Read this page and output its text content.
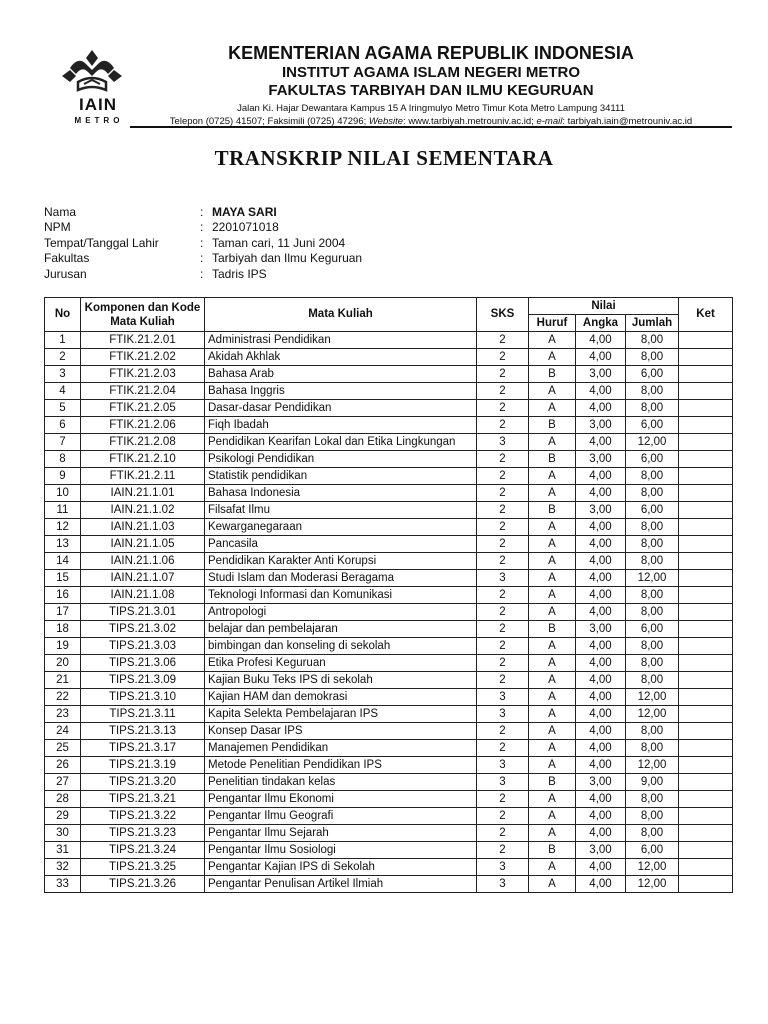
IAIN
METRO
KEMENTERIAN AGAMA REPUBLIK INDONESIA
INSTITUT AGAMA ISLAM NEGERI METRO
FAKULTAS TARBIYAH DAN ILMU KEGURUAN
Jalan Ki. Hajar Dewantara Kampus 15 A Iringmulyo Metro Timur Kota Metro Lampung 34111
Telepon (0725) 41507; Faksimili (0725) 47296; Website: www.tarbiyah.metrouniv.ac.id; e-mail: tarbiyah.iain@metrouniv.ac.id
TRANSKRIP NILAI SEMENTARA
Nama	: MAYA SARI
NPM	: 2201071018
Tempat/Tanggal Lahir	: Taman cari, 11 Juni 2004
Fakultas	: Tarbiyah dan Ilmu Keguruan
Jurusan	: Tadris IPS
No	Komponen dan Kode Mata Kuliah	Mata Kuliah	SKS	Nilai			Ket
				Huruf	Angka	Jumlah	
1	FTIK.21.2.01	Administrasi Pendidikan	2	A	4,00	8,00	
2	FTIK.21.2.02	Akidah Akhlak	2	A	4,00	8,00	
3	FTIK.21.2.03	Bahasa Arab	2	B	3,00	6,00	
4	FTIK.21.2.04	Bahasa Inggris	2	A	4,00	8,00	
5	FTIK.21.2.05	Dasar-dasar Pendidikan	2	A	4,00	8,00	
6	FTIK.21.2.06	Fiqh Ibadah	2	B	3,00	6,00	
7	FTIK.21.2.08	Pendidikan Kearifan Lokal dan Etika Lingkungan	3	A	4,00	12,00	
8	FTIK.21.2.10	Psikologi Pendidikan	2	B	3,00	6,00	
9	FTIK.21.2.11	Statistik pendidikan	2	A	4,00	8,00	
10	IAIN.21.1.01	Bahasa Indonesia	2	A	4,00	8,00	
11	IAIN.21.1.02	Filsafat Ilmu	2	B	3,00	6,00	
12	IAIN.21.1.03	Kewarganegaraan	2	A	4,00	8,00	
13	IAIN.21.1.05	Pancasila	2	A	4,00	8,00	
14	IAIN.21.1.06	Pendidikan Karakter Anti Korupsi	2	A	4,00	8,00	
15	IAIN.21.1.07	Studi Islam dan Moderasi Beragama	3	A	4,00	12,00	
16	IAIN.21.1.08	Teknologi Informasi dan Komunikasi	2	A	4,00	8,00	
17	TIPS.21.3.01	Antropologi	2	A	4,00	8,00	
18	TIPS.21.3.02	belajar dan pembelajaran	2	B	3,00	6,00	
19	TIPS.21.3.03	bimbingan dan konseling di sekolah	2	A	4,00	8,00	
20	TIPS.21.3.06	Etika Profesi Keguruan	2	A	4,00	8,00	
21	TIPS.21.3.09	Kajian Buku Teks IPS di sekolah	2	A	4,00	8,00	
22	TIPS.21.3.10	Kajian HAM dan demokrasi	3	A	4,00	12,00	
23	TIPS.21.3.11	Kapita Selekta Pembelajaran IPS	3	A	4,00	12,00	
24	TIPS.21.3.13	Konsep Dasar IPS	2	A	4,00	8,00	
25	TIPS.21.3.17	Manajemen Pendidikan	2	A	4,00	8,00	
26	TIPS.21.3.19	Metode Penelitian Pendidikan IPS	3	A	4,00	12,00	
27	TIPS.21.3.20	Penelitian tindakan kelas	3	B	3,00	9,00	
28	TIPS.21.3.21	Pengantar Ilmu Ekonomi	2	A	4,00	8,00	
29	TIPS.21.3.22	Pengantar Ilmu Geografi	2	A	4,00	8,00	
30	TIPS.21.3.23	Pengantar Ilmu Sejarah	2	A	4,00	8,00	
31	TIPS.21.3.24	Pengantar Ilmu Sosiologi	2	B	3,00	6,00	
32	TIPS.21.3.25	Pengantar Kajian IPS di Sekolah	3	A	4,00	12,00	
33	TIPS.21.3.26	Pengantar Penulisan Artikel Ilmiah	3	A	4,00	12,00	
